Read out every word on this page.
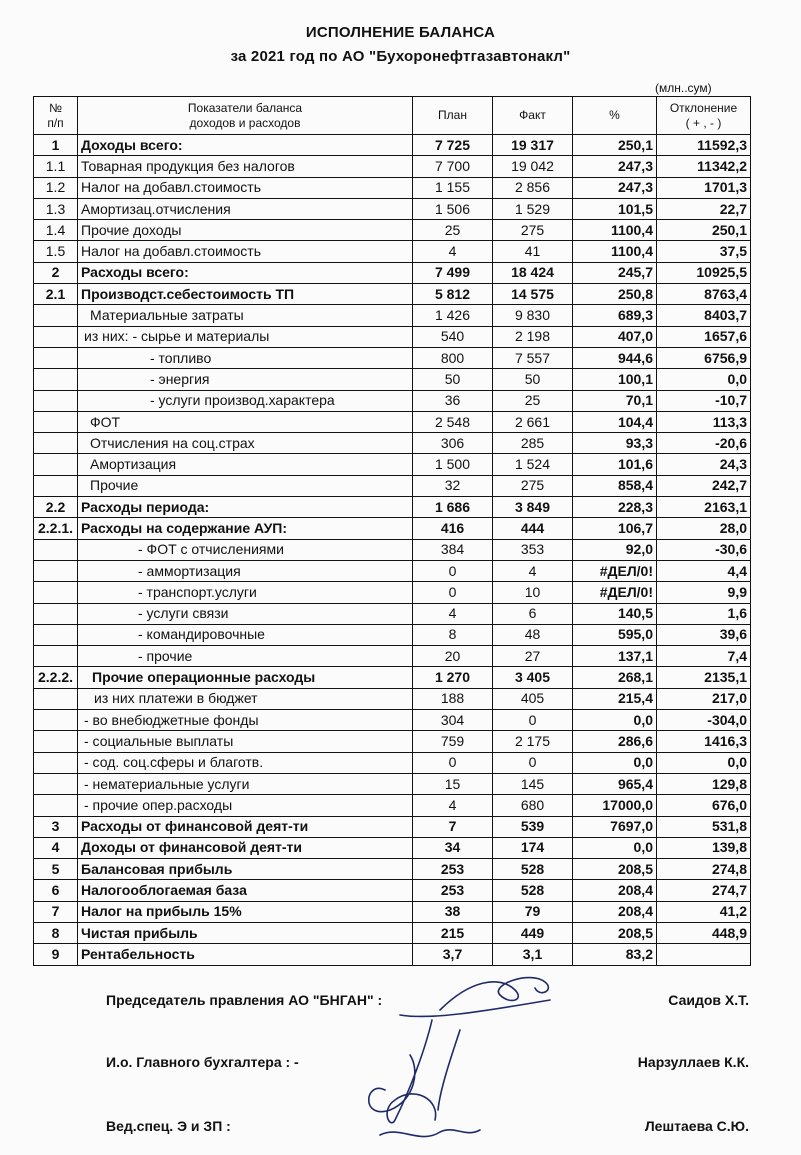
ИСПОЛНЕНИЕ БАЛАНСА
за 2021 год по АО "Бухоронефтгазавтонакл"
(млн..сум)
№
п/п	Показатели баланса
доходов и расходов	План	Факт	%	Отклонение
( + , - )
1	Доходы всего:	7 725	19 317	250,1	11592,3
1.1	Товарная продукция без налогов	7 700	19 042	247,3	11342,2
1.2	Налог на добавл.стоимость	1 155	2 856	247,3	1701,3
1.3	Амортизац.отчисления	1 506	1 529	101,5	22,7
1.4	Прочие доходы	25	275	1100,4	250,1
1.5	Налог на добавл.стоимость	4	41	1100,4	37,5
2	Расходы всего:	7 499	18 424	245,7	10925,5
2.1	Производст.себестоимость ТП	5 812	14 575	250,8	8763,4
	Материальные затраты	1 426	9 830	689,3	8403,7
	из них: - сырье и материалы	540	2 198	407,0	1657,6
	- топливо	800	7 557	944,6	6756,9
	- энергия	50	50	100,1	0,0
	- услуги производ.характера	36	25	70,1	-10,7
	ФОТ	2 548	2 661	104,4	113,3
	Отчисления на соц.страх	306	285	93,3	-20,6
	Амортизация	1 500	1 524	101,6	24,3
	Прочие	32	275	858,4	242,7
2.2	Расходы периода:	1 686	3 849	228,3	2163,1
2.2.1.	Расходы на содержание АУП:	416	444	106,7	28,0
	- ФОТ с отчислениями	384	353	92,0	-30,6
	- аммортизация	0	4	#ДЕЛ/0!	4,4
	- транспорт.услуги	0	10	#ДЕЛ/0!	9,9
	- услуги связи	4	6	140,5	1,6
	- командировочные	8	48	595,0	39,6
	- прочие	20	27	137,1	7,4
2.2.2.	Прочие операционные расходы	1 270	3 405	268,1	2135,1
	из них платежи в бюджет	188	405	215,4	217,0
	- во внебюджетные фонды	304	0	0,0	-304,0
	- социальные выплаты	759	2 175	286,6	1416,3
	- сод. соц.сферы и благотв.	0	0	0,0	0,0
	- нематериальные услуги	15	145	965,4	129,8
	- прочие опер.расходы	4	680	17000,0	676,0
3	Расходы от финансовой деят-ти	7	539	7697,0	531,8
4	Доходы от финансовой деят-ти	34	174	0,0	139,8
5	Балансовая прибыль	253	528	208,5	274,8
6	Налогооблогаемая база	253	528	208,4	274,7
7	Налог на прибыль 15%	38	79	208,4	41,2
8	Чистая прибыль	215	449	208,5	448,9
9	Рентабельность	3,7	3,1	83,2	
Председатель правления АО "БНГАН" :	Саидов Х.Т.
И.о. Главного бухгалтера : -	Нарзуллаев К.К.
Вед.спец. Э и ЗП :	Лештаева С.Ю.
